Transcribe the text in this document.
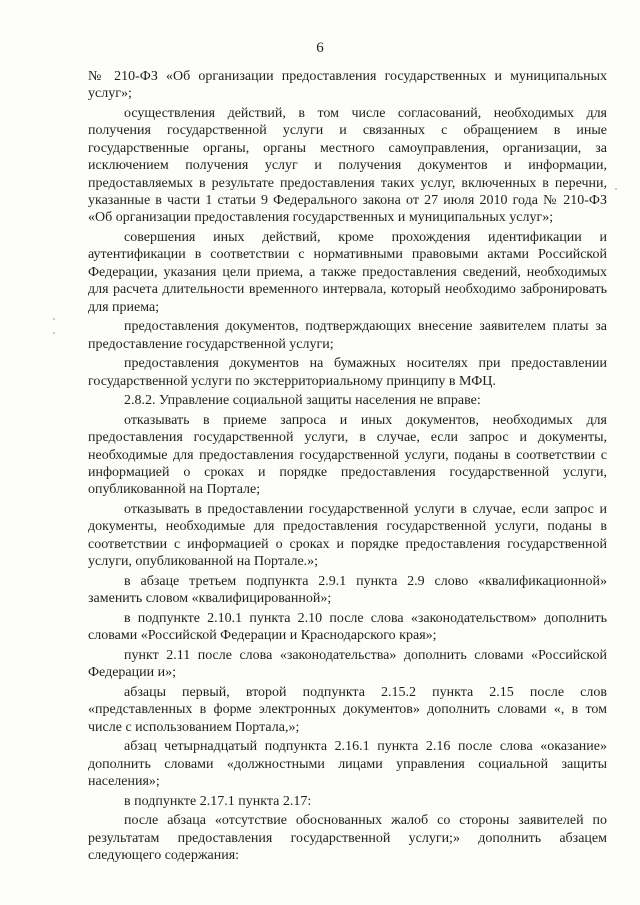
6

№ 210-ФЗ «Об организации предоставления государственных и муниципальных услуг»;

осуществления действий, в том числе согласований, необходимых для получения государственной услуги и связанных с обращением в иные государственные органы, органы местного самоуправления, организации, за исключением получения услуг и получения документов и информации, предоставляемых в результате предоставления таких услуг, включенных в перечни, указанные в части 1 статьи 9 Федерального закона от 27 июля 2010 года № 210-ФЗ «Об организации предоставления государственных и муниципальных услуг»;

совершения иных действий, кроме прохождения идентификации и аутентификации в соответствии с нормативными правовыми актами Российской Федерации, указания цели приема, а также предоставления сведений, необходимых для расчета длительности временного интервала, который необходимо забронировать для приема;

предоставления документов, подтверждающих внесение заявителем платы за предоставление государственной услуги;

предоставления документов на бумажных носителях при предоставлении государственной услуги по экстерриториальному принципу в МФЦ.

2.8.2. Управление социальной защиты населения не вправе:

отказывать в приеме запроса и иных документов, необходимых для предоставления государственной услуги, в случае, если запрос и документы, необходимые для предоставления государственной услуги, поданы в соответствии с информацией о сроках и порядке предоставления государственной услуги, опубликованной на Портале;

отказывать в предоставлении государственной услуги в случае, если запрос и документы, необходимые для предоставления государственной услуги, поданы в соответствии с информацией о сроках и порядке предоставления государственной услуги, опубликованной на Портале.»;

в абзаце третьем подпункта 2.9.1 пункта 2.9 слово «квалификационной» заменить словом «квалифицированной»;

в подпункте 2.10.1 пункта 2.10 после слова «законодательством» дополнить словами «Российской Федерации и Краснодарского края»;

пункт 2.11 после слова «законодательства» дополнить словами «Российской Федерации и»;

абзацы первый, второй подпункта 2.15.2 пункта 2.15 после слов «представленных в форме электронных документов» дополнить словами «, в том числе с использованием Портала,»;

абзац четырнадцатый подпункта 2.16.1 пункта 2.16 после слова «оказание» дополнить словами «должностными лицами управления социальной защиты населения»;

в подпункте 2.17.1 пункта 2.17:

после абзаца «отсутствие обоснованных жалоб со стороны заявителей по результатам предоставления государственной услуги;» дополнить абзацем следующего содержания:
